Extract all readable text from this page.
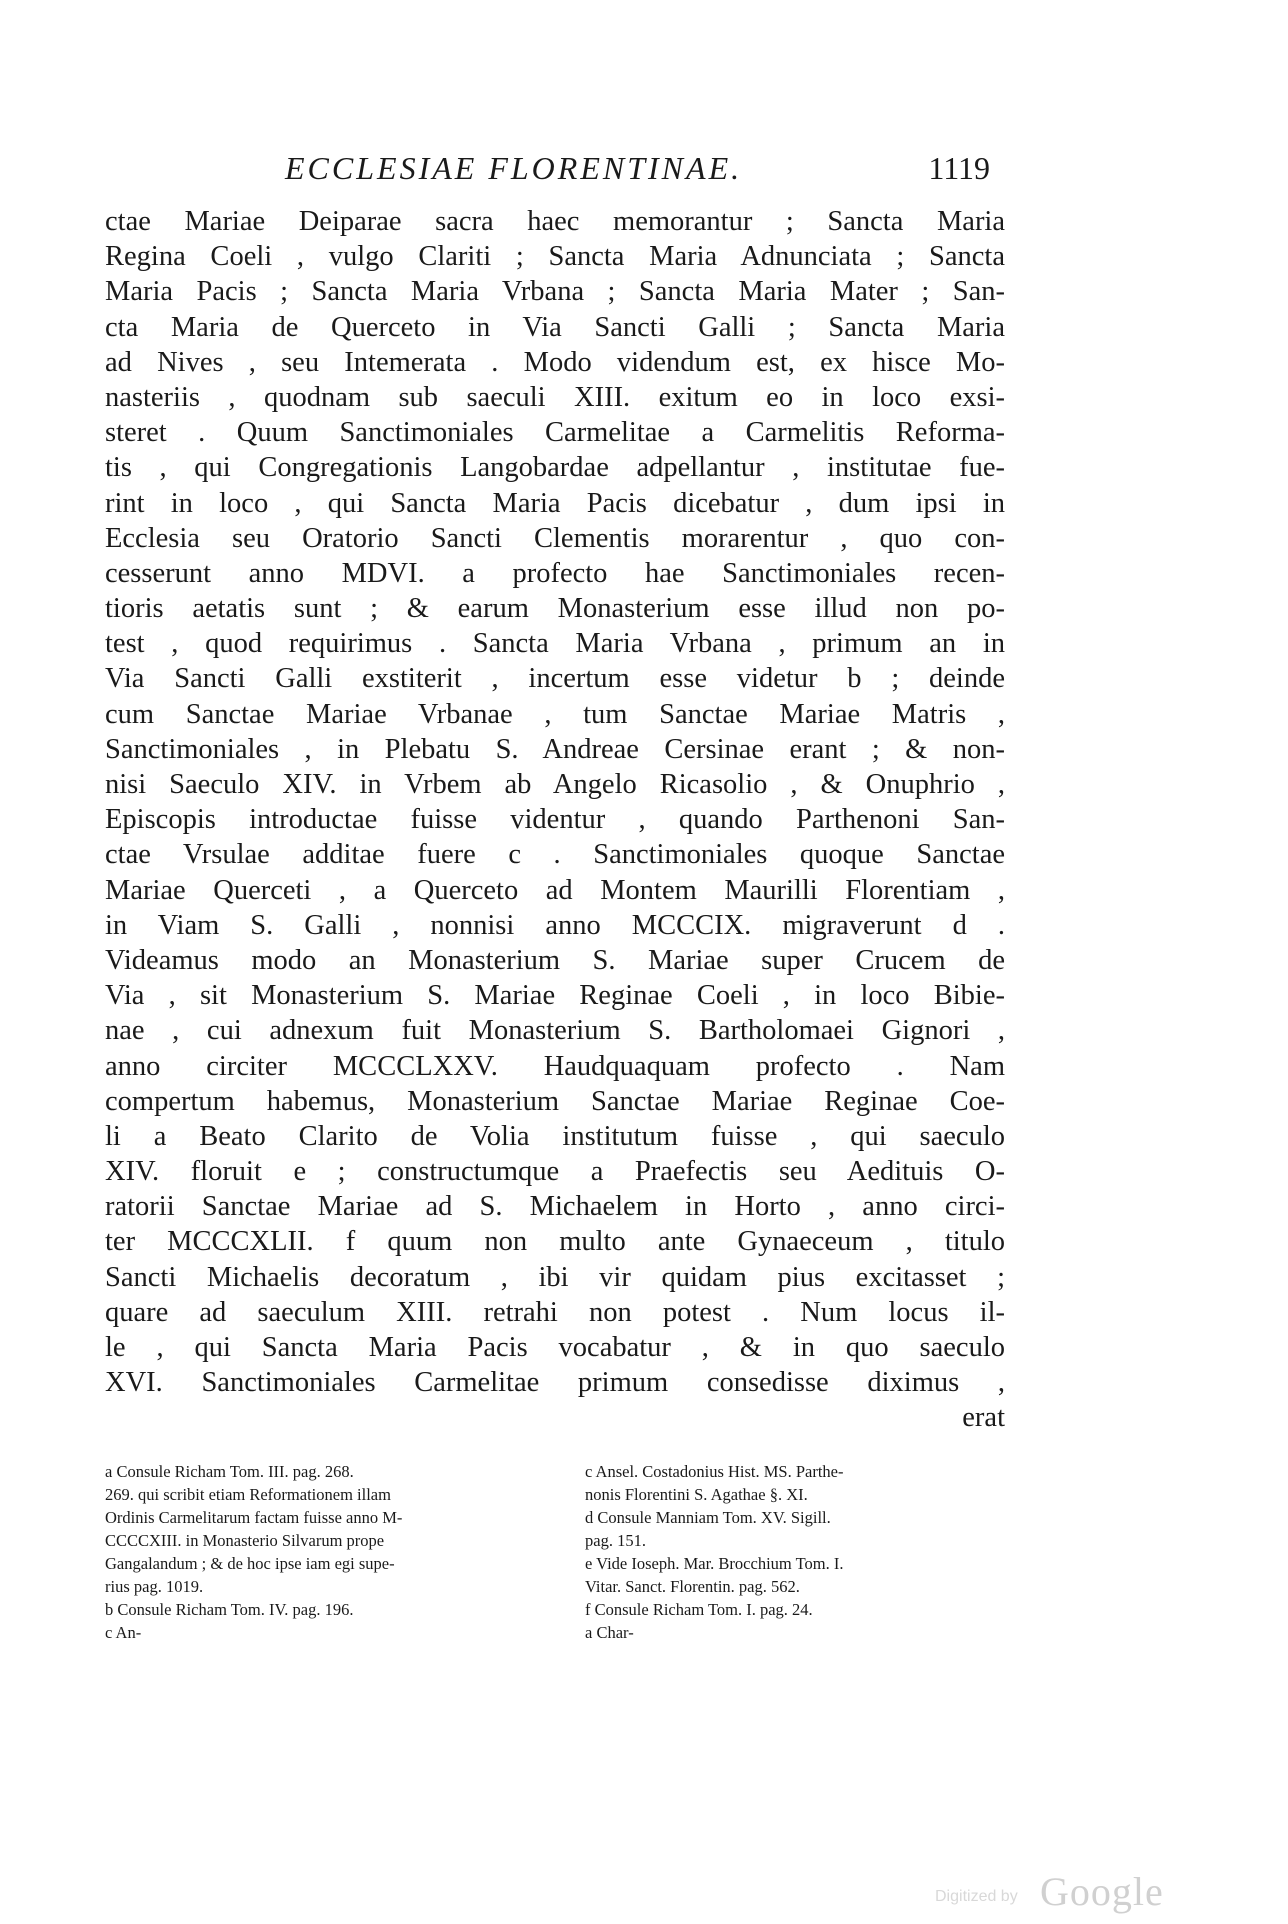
ECCLESIAE FLORENTINAE.	1119
ctae Mariae Deiparae sacra haec memorantur ; Sancta Maria
Regina Coeli , vulgo Clariti ; Sancta Maria Adnunciata ; Sancta
Maria Pacis ; Sancta Maria Vrbana ; Sancta Maria Mater ; San-
cta Maria de Querceto in Via Sancti Galli ; Sancta Maria
ad Nives , seu Intemerata . Modo videndum est, ex hisce Mo-
nasteriis , quodnam sub saeculi XIII. exitum eo in loco exsi-
steret . Quum Sanctimoniales Carmelitae a Carmelitis Reforma-
tis , qui Congregationis Langobardae adpellantur , institutae fue-
rint in loco , qui Sancta Maria Pacis dicebatur , dum ipsi in
Ecclesia seu Oratorio Sancti Clementis morarentur , quo con-
cesserunt anno MDVI. a profecto hae Sanctimoniales recen-
tioris aetatis sunt ; & earum Monasterium esse illud non po-
test , quod requirimus . Sancta Maria Vrbana , primum an in
Via Sancti Galli exstiterit , incertum esse videtur b ; deinde
cum Sanctae Mariae Vrbanae , tum Sanctae Mariae Matris ,
Sanctimoniales , in Plebatu S. Andreae Cersinae erant ; & non-
nisi Saeculo XIV. in Vrbem ab Angelo Ricasolio , & Onuphrio ,
Episcopis introductae fuisse videntur , quando Parthenoni San-
ctae Vrsulae additae fuere c . Sanctimoniales quoque Sanctae
Mariae Querceti , a Querceto ad Montem Maurilli Florentiam ,
in Viam S. Galli , nonnisi anno MCCCIX. migraverunt d .
Videamus modo an Monasterium S. Mariae super Crucem de
Via , sit Monasterium S. Mariae Reginae Coeli , in loco Bibie-
nae , cui adnexum fuit Monasterium S. Bartholomaei Gignori ,
anno circiter MCCCLXXV. Haudquaquam profecto . Nam
compertum habemus, Monasterium Sanctae Mariae Reginae Coe-
li a Beato Clarito de Volia institutum fuisse , qui saeculo
XIV. floruit e ; constructumque a Praefectis seu Aedituis O-
ratorii Sanctae Mariae ad S. Michaelem in Horto , anno circi-
ter MCCCXLII. f quum non multo ante Gynaeceum , titulo
Sancti Michaelis decoratum , ibi vir quidam pius excitasset ;
quare ad saeculum XIII. retrahi non potest . Num locus il-
le , qui Sancta Maria Pacis vocabatur , & in quo saeculo
XVI. Sanctimoniales Carmelitae primum consedisse diximus ,
erat
a Consule Richam Tom. III. pag. 268.
269. qui scribit etiam Reformationem illam
Ordinis Carmelitarum factam fuisse anno M-
CCCCXIII. in Monasterio Silvarum prope
Gangalandum ; & de hoc ipse iam egi supe-
rius pag. 1019.
b Consule Richam Tom. IV. pag. 196.
c An-
c Ansel. Costadonius Hist. MS. Parthe-
nonis Florentini S. Agathae §. XI.
d Consule Manniam Tom. XV. Sigill.
pag. 151.
e Vide Ioseph. Mar. Brocchium Tom. I.
Vitar. Sanct. Florentin. pag. 562.
f Consule Richam Tom. I. pag. 24.
a Char-
Digitized by Google
